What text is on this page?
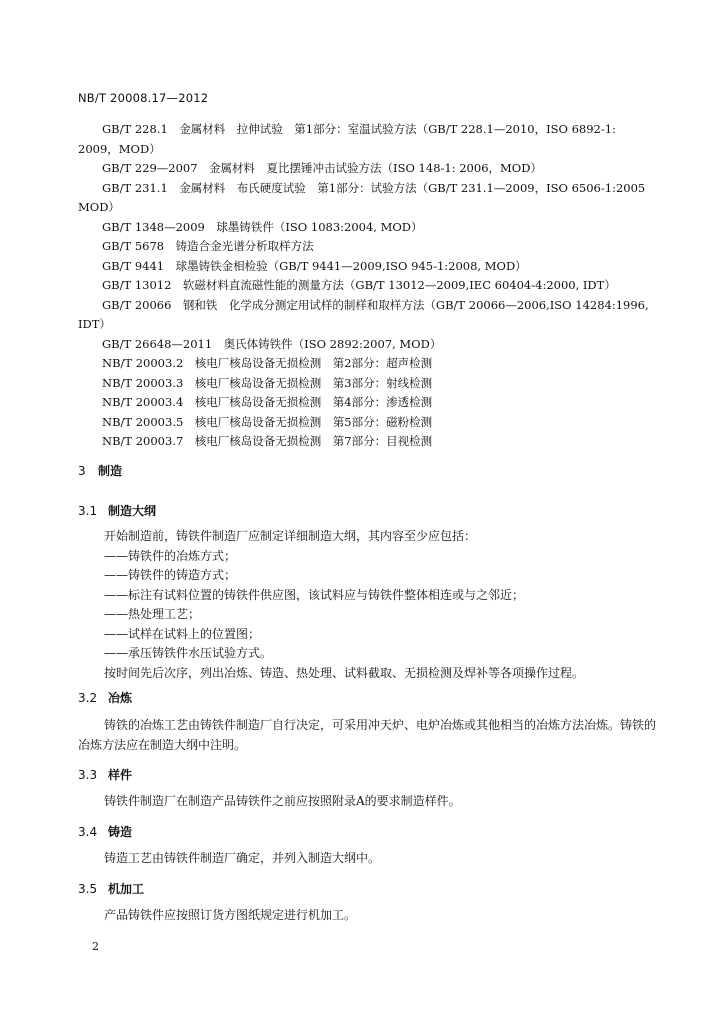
NB/T 20008.17—2012
GB/T 228.1　金属材料　拉伸试验　第1部分：室温试验方法（GB/T 228.1—2010，ISO 6892-1: 2009，MOD）
GB/T 229—2007　金属材料　夏比摆锤冲击试验方法（ISO 148-1: 2006，MOD）
GB/T 231.1　金属材料　布氏硬度试验　第1部分：试验方法（GB/T 231.1—2009，ISO 6506-1:2005 MOD）
GB/T 1348—2009　球墨铸铁件（ISO 1083:2004, MOD）
GB/T 5678　铸造合金光谱分析取样方法
GB/T 9441　球墨铸铁金相检验（GB/T 9441—2009,ISO 945-1:2008, MOD）
GB/T 13012　软磁材料直流磁性能的测量方法（GB/T 13012—2009,IEC 60404-4:2000, IDT）
GB/T 20066　钢和铁　化学成分测定用试样的制样和取样方法（GB/T 20066—2006,ISO 14284:1996, IDT）
GB/T 26648—2011　奥氏体铸铁件（ISO 2892:2007, MOD）
NB/T 20003.2　核电厂核岛设备无损检测　第2部分：超声检测
NB/T 20003.3　核电厂核岛设备无损检测　第3部分：射线检测
NB/T 20003.4　核电厂核岛设备无损检测　第4部分：渗透检测
NB/T 20003.5　核电厂核岛设备无损检测　第5部分：磁粉检测
NB/T 20003.7　核电厂核岛设备无损检测　第7部分：目视检测
3 制造
3.1 制造大纲
开始制造前，铸铁件制造厂应制定详细制造大纲，其内容至少应包括：
——铸铁件的冶炼方式；
——铸铁件的铸造方式；
——标注有试料位置的铸铁件供应图，该试料应与铸铁件整体相连或与之邻近；
——热处理工艺；
——试样在试料上的位置图；
——承压铸铁件水压试验方式。
按时间先后次序，列出冶炼、铸造、热处理、试料截取、无损检测及焊补等各项操作过程。
3.2 冶炼
铸铁的冶炼工艺由铸铁件制造厂自行决定，可采用冲天炉、电炉冶炼或其他相当的冶炼方法冶炼。铸铁的冶炼方法应在制造大纲中注明。
3.3 样件
铸铁件制造厂在制造产品铸铁件之前应按照附录A的要求制造样件。
3.4 铸造
铸造工艺由铸铁件制造厂确定，并列入制造大纲中。
3.5 机加工
产品铸铁件应按照订货方图纸规定进行机加工。
2
